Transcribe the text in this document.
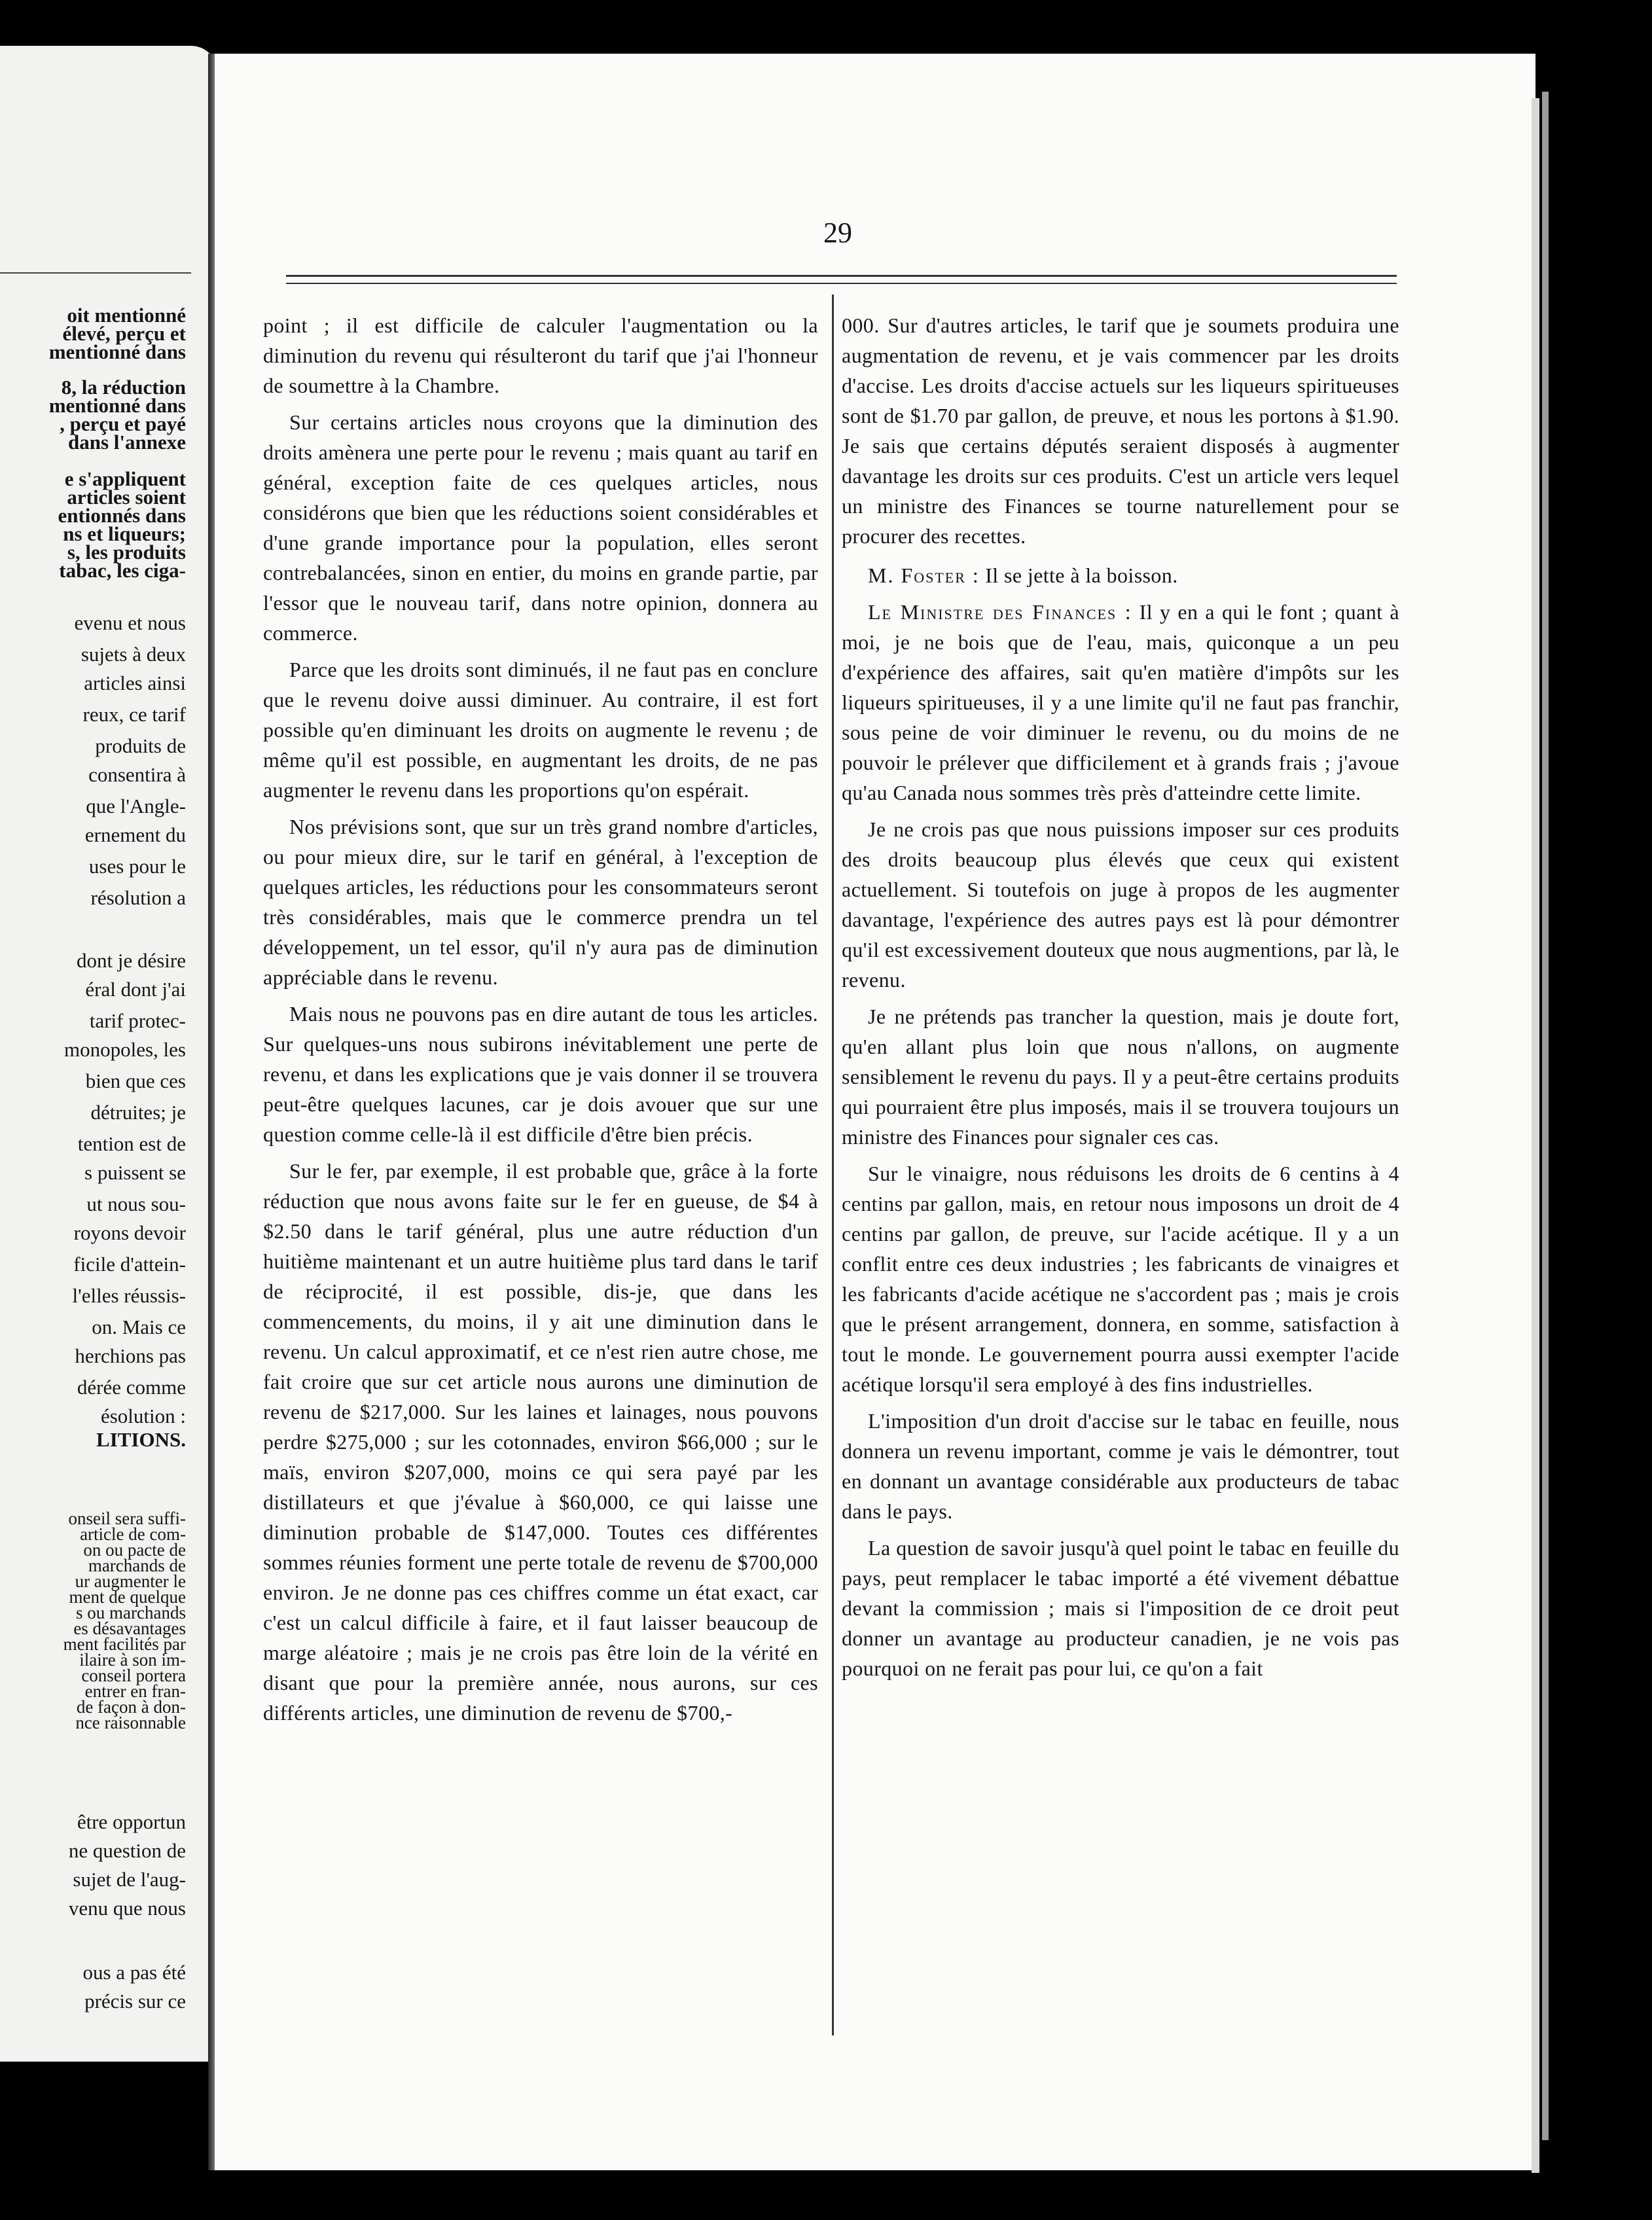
oit mentionné
élevé, perçu et
mentionné dans
8, la réduction
mentionné dans
, perçu et payé
dans l'annexe
e s'appliquent
articles soient
entionnés dans
ns et liqueurs;
s, les produits
tabac, les ciga-
evenu et nous
sujets à deux
articles ainsi
reux, ce tarif
produits de
consentira à
que l'Angle-
ernement du
uses pour le
résolution a
dont je désire
éral dont j'ai
tarif protec-
monopoles, les
bien que ces
détruites; je
tention est de
s puissent se
ut nous sou-
royons devoir
ficile d'attein-
l'elles réussis-
on. Mais ce
herchions pas
dérée comme
ésolution :
LITIONS.
onseil sera suffi-
article de com-
on ou pacte de
marchands de
ur augmenter le
ment de quelque
s ou marchands
es désavantages
ment facilités par
ilaire à son im-
conseil portera
entrer en fran-
de façon à don-
nce raisonnable
être opportun
ne question de
sujet de l'aug-
venu que nous
ous a pas été
précis sur ce
29

point ; il est difficile de calculer l'augmentation ou la diminution du revenu qui résulteront du tarif que j'ai l'honneur de soumettre à la Chambre.

Sur certains articles nous croyons que la diminution des droits amènera une perte pour le revenu ; mais quant au tarif en général, exception faite de ces quelques articles, nous considérons que bien que les réductions soient considérables et d'une grande importance pour la population, elles seront contrebalancées, sinon en entier, du moins en grande partie, par l'essor que le nouveau tarif, dans notre opinion, donnera au commerce.

Parce que les droits sont diminués, il ne faut pas en conclure que le revenu doive aussi diminuer. Au contraire, il est fort possible qu'en diminuant les droits on augmente le revenu ; de même qu'il est possible, en augmentant les droits, de ne pas augmenter le revenu dans les proportions qu'on espérait.

Nos prévisions sont, que sur un très grand nombre d'articles, ou pour mieux dire, sur le tarif en général, à l'exception de quelques articles, les réductions pour les consommateurs seront très considérables, mais que le commerce prendra un tel développement, un tel essor, qu'il n'y aura pas de diminution appréciable dans le revenu.

Mais nous ne pouvons pas en dire autant de tous les articles. Sur quelques-uns nous subirons inévitablement une perte de revenu, et dans les explications que je vais donner il se trouvera peut-être quelques lacunes, car je dois avouer que sur une question comme celle-là il est difficile d'être bien précis.

Sur le fer, par exemple, il est probable que, grâce à la forte réduction que nous avons faite sur le fer en gueuse, de $4 à $2.50 dans le tarif général, plus une autre réduction d'un huitième maintenant et un autre huitième plus tard dans le tarif de réciprocité, il est possible, dis-je, que dans les commencements, du moins, il y ait une diminution dans le revenu. Un calcul approximatif, et ce n'est rien autre chose, me fait croire que sur cet article nous aurons une diminution de revenu de $217,000. Sur les laines et lainages, nous pouvons perdre $275,000 ; sur les cotonnades, environ $66,000 ; sur le maïs, environ $207,000, moins ce qui sera payé par les distillateurs et que j'évalue à $60,000, ce qui laisse une diminution probable de $147,000. Toutes ces différentes sommes réunies forment une perte totale de revenu de $700,000 environ. Je ne donne pas ces chiffres comme un état exact, car c'est un calcul difficile à faire, et il faut laisser beaucoup de marge aléatoire ; mais je ne crois pas être loin de la vérité en disant que pour la première année, nous aurons, sur ces différents articles, une diminution de revenu de $700,-

000. Sur d'autres articles, le tarif que je soumets produira une augmentation de revenu, et je vais commencer par les droits d'accise. Les droits d'accise actuels sur les liqueurs spiritueuses sont de $1.70 par gallon, de preuve, et nous les portons à $1.90. Je sais que certains députés seraient disposés à augmenter davantage les droits sur ces produits. C'est un article vers lequel un ministre des Finances se tourne naturellement pour se procurer des recettes.

M. Foster : Il se jette à la boisson.

Le Ministre des Finances : Il y en a qui le font ; quant à moi, je ne bois que de l'eau, mais, quiconque a un peu d'expérience des affaires, sait qu'en matière d'impôts sur les liqueurs spiritueuses, il y a une limite qu'il ne faut pas franchir, sous peine de voir diminuer le revenu, ou du moins de ne pouvoir le prélever que difficilement et à grands frais ; j'avoue qu'au Canada nous sommes très près d'atteindre cette limite.

Je ne crois pas que nous puissions imposer sur ces produits des droits beaucoup plus élevés que ceux qui existent actuellement. Si toutefois on juge à propos de les augmenter davantage, l'expérience des autres pays est là pour démontrer qu'il est excessivement douteux que nous augmentions, par là, le revenu.

Je ne prétends pas trancher la question, mais je doute fort, qu'en allant plus loin que nous n'allons, on augmente sensiblement le revenu du pays. Il y a peut-être certains produits qui pourraient être plus imposés, mais il se trouvera toujours un ministre des Finances pour signaler ces cas.

Sur le vinaigre, nous réduisons les droits de 6 centins à 4 centins par gallon, mais, en retour nous imposons un droit de 4 centins par gallon, de preuve, sur l'acide acétique. Il y a un conflit entre ces deux industries ; les fabricants de vinaigres et les fabricants d'acide acétique ne s'accordent pas ; mais je crois que le présent arrangement, donnera, en somme, satisfaction à tout le monde. Le gouvernement pourra aussi exempter l'acide acétique lorsqu'il sera employé à des fins industrielles.

L'imposition d'un droit d'accise sur le tabac en feuille, nous donnera un revenu important, comme je vais le démontrer, tout en donnant un avantage considérable aux producteurs de tabac dans le pays.

La question de savoir jusqu'à quel point le tabac en feuille du pays, peut remplacer le tabac importé a été vivement débattue devant la commission ; mais si l'imposition de ce droit peut donner un avantage au producteur canadien, je ne vois pas pourquoi on ne ferait pas pour lui, ce qu'on a fait
